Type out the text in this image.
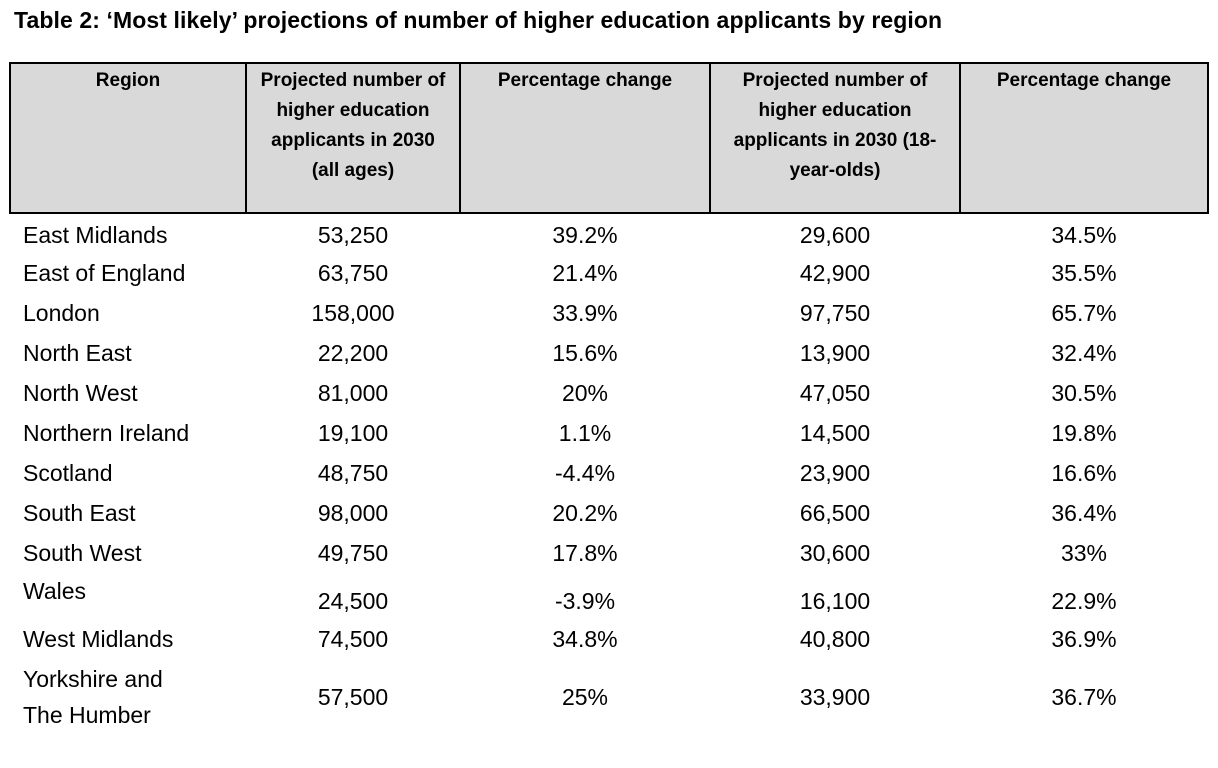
Table 2: ‘Most likely’ projections of number of higher education applicants by region
Region	Projected number of higher education applicants in 2030 (all ages)	Percentage change	Projected number of higher education applicants in 2030 (18-year-olds)	Percentage change
East Midlands	53,250	39.2%	29,600	34.5%
East of England	63,750	21.4%	42,900	35.5%
London	158,000	33.9%	97,750	65.7%
North East	22,200	15.6%	13,900	32.4%
North West	81,000	20%	47,050	30.5%
Northern Ireland	19,100	1.1%	14,500	19.8%
Scotland	48,750	-4.4%	23,900	16.6%
South East	98,000	20.2%	66,500	36.4%
South West	49,750	17.8%	30,600	33%
Wales	24,500	-3.9%	16,100	22.9%
West Midlands	74,500	34.8%	40,800	36.9%
Yorkshire and The Humber	57,500	25%	33,900	36.7%
